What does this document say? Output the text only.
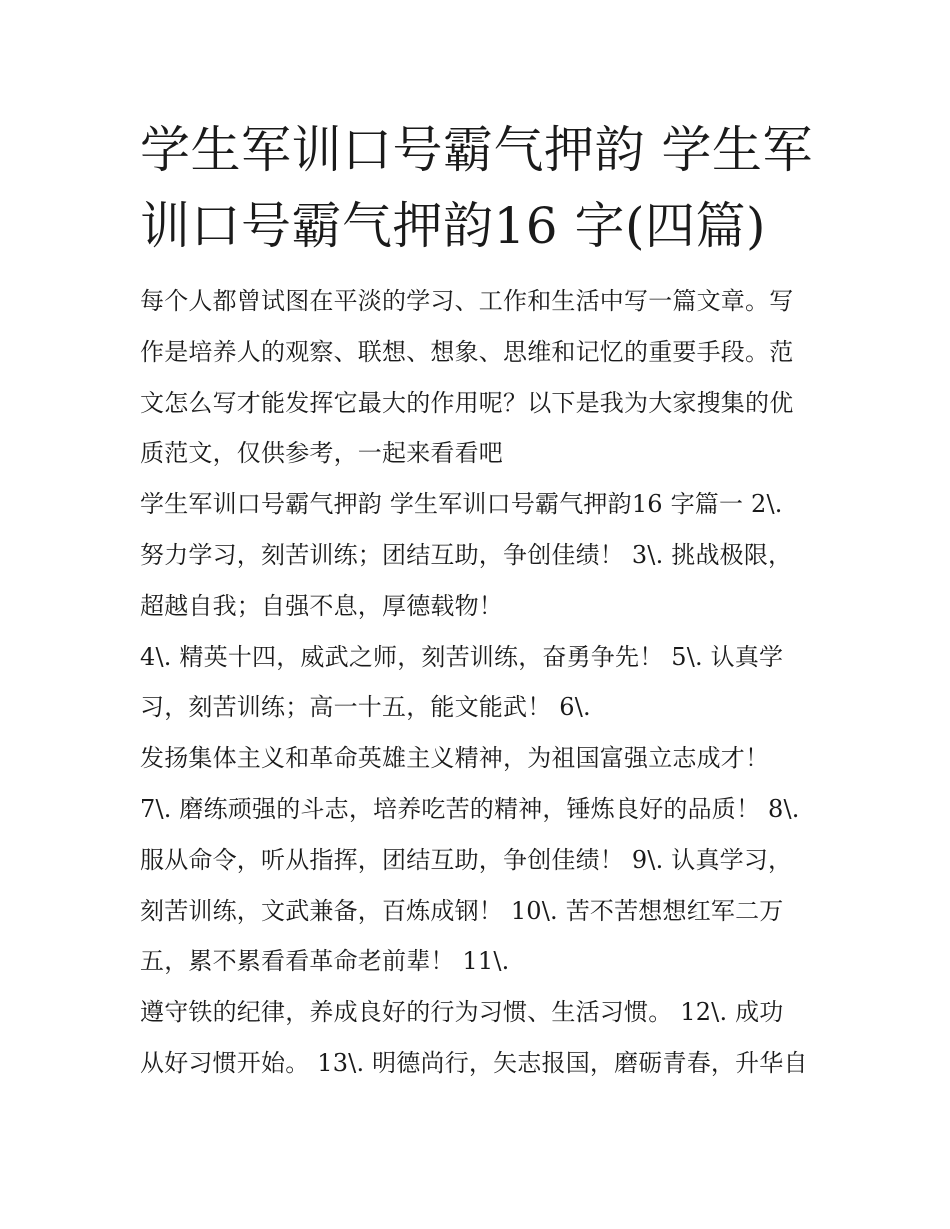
学生军训口号霸气押韵 学生军
训口号霸气押韵16 字(四篇)

每个人都曾试图在平淡的学习、工作和生活中写一篇文章。写

作是培养人的观察、联想、想象、思维和记忆的重要手段。范

文怎么写才能发挥它最大的作用呢？以下是我为大家搜集的优

质范文，仅供参考，一起来看看吧

学生军训口号霸气押韵 学生军训口号霸气押韵16 字篇一 2\.

努力学习，刻苦训练；团结互助，争创佳绩！ 3\. 挑战极限，

超越自我；自强不息，厚德载物！

4\. 精英十四，威武之师，刻苦训练，奋勇争先！ 5\. 认真学

习，刻苦训练；高一十五，能文能武！ 6\.

发扬集体主义和革命英雄主义精神，为祖国富强立志成才！

7\. 磨练顽强的斗志，培养吃苦的精神，锤炼良好的品质！ 8\.

服从命令，听从指挥，团结互助，争创佳绩！ 9\. 认真学习，

刻苦训练，文武兼备，百炼成钢！ 10\. 苦不苦想想红军二万

五，累不累看看革命老前辈！ 11\.

遵守铁的纪律，养成良好的行为习惯、生活习惯。 12\. 成功

从好习惯开始。 13\. 明德尚行，矢志报国，磨砺青春，升华自
